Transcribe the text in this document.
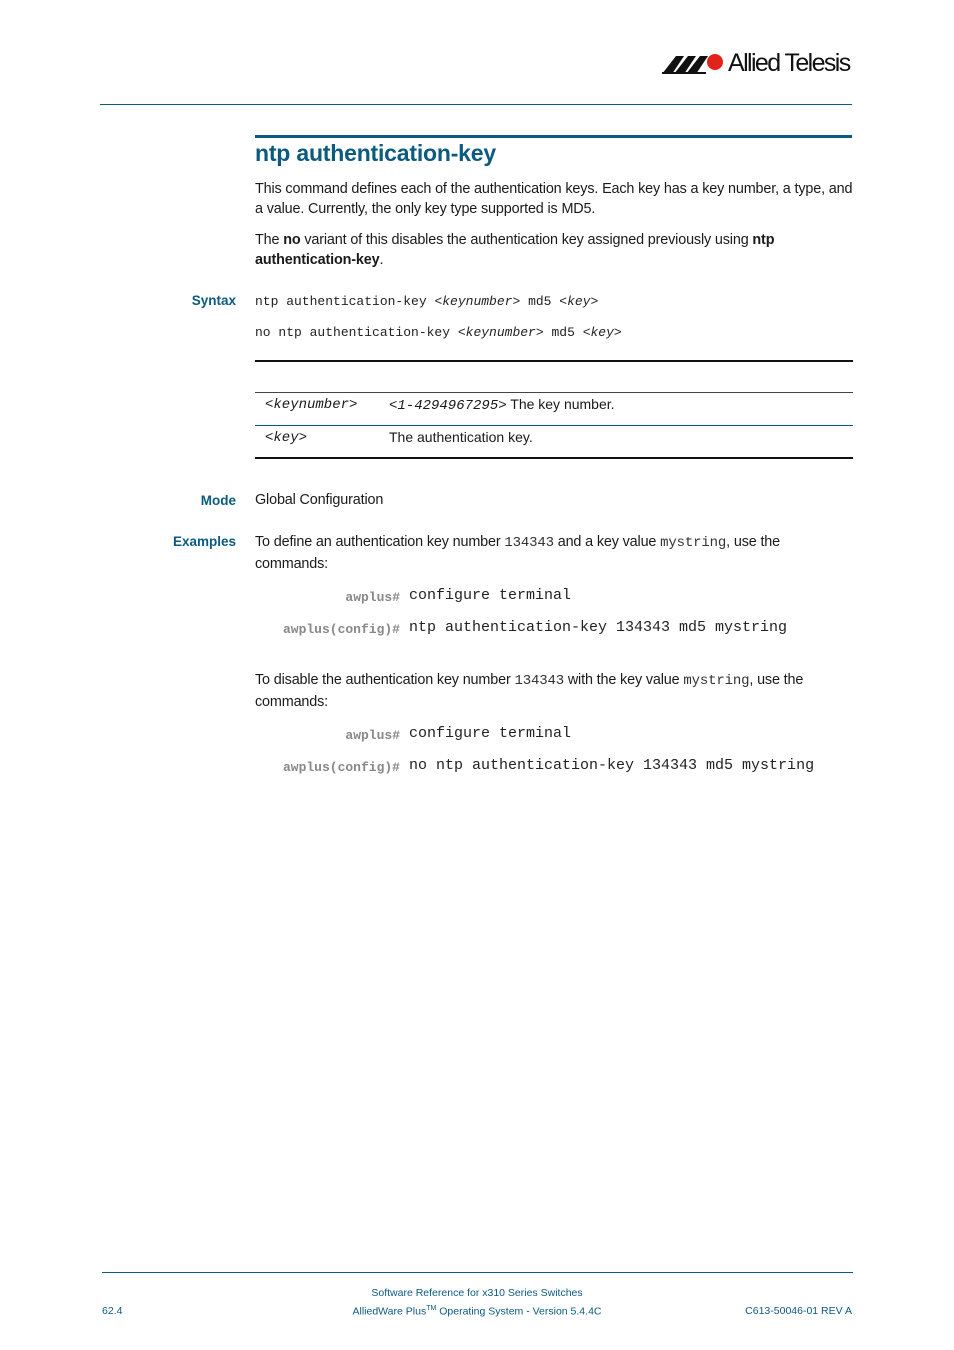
Allied Telesis
ntp authentication-key
This command defines each of the authentication keys. Each key has a key number, a type, and a value. Currently, the only key type supported is MD5.
The no variant of this disables the authentication key assigned previously using ntp authentication-key.
Syntax ntp authentication-key <keynumber> md5 <key>
no ntp authentication-key <keynumber> md5 <key>
<keynumber> <1-4294967295> The key number.
<key>	The authentication key.
Mode Global Configuration
Examples To define an authentication key number 134343 and a key value mystring, use the commands:
awplus# configure terminal
awplus(config)# ntp authentication-key 134343 md5 mystring
To disable the authentication key number 134343 with the key value mystring, use the commands:
awplus# configure terminal
awplus(config)# no ntp authentication-key 134343 md5 mystring
Software Reference for x310 Series Switches
AlliedWare Plus™ Operating System - Version 5.4.4C
62.4	C613-50046-01 REV A
